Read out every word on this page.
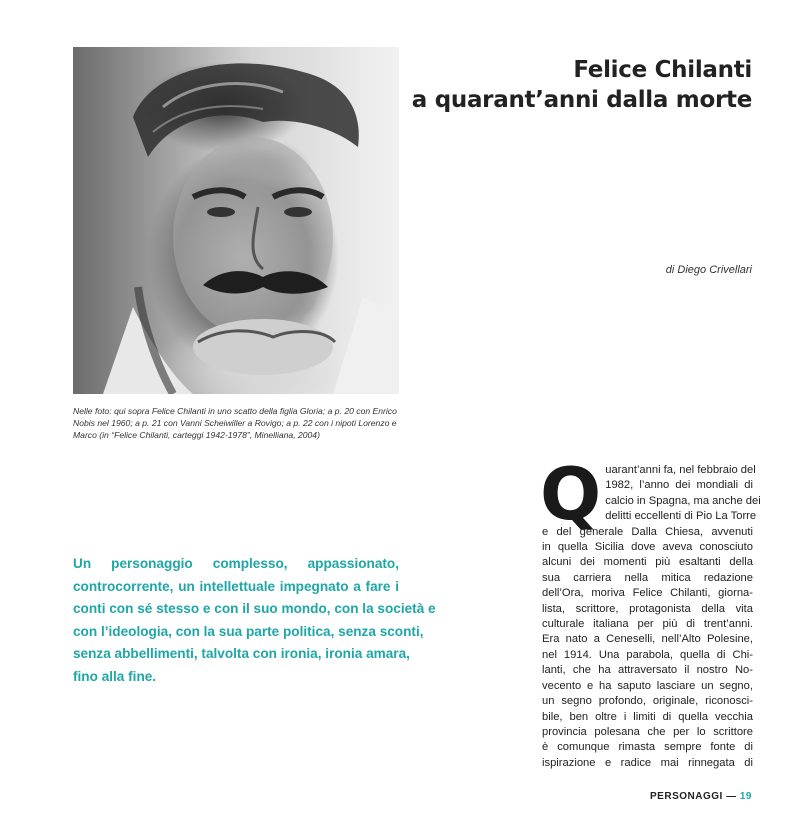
Nelle foto: qui sopra Felice Chilanti in uno scatto della figlia Gloria; a p. 20 con Enrico Nobis nel 1960; a p. 21 con Vanni Scheiwiller a Rovigo; a p. 22 con i nipoti Lorenzo e Marco (in “Felice Chilanti, carteggi 1942-1978”, Minelliana, 2004)
Felice Chilanti
a quarant’anni dalla morte
di Diego Crivellari
Un personaggio complesso, appassionato,
controcorrente, un intellettuale impegnato a fare i
conti con sé stesso e con il suo mondo, con la società e
con l’ideologia, con la sua parte politica, senza sconti,
senza abbellimenti, talvolta con ironia, ironia amara,
fino alla fine.
Q uarant’anni fa, nel febbraio del
1982, l’anno dei mondiali di
calcio in Spagna, ma anche dei
delitti eccellenti di Pio La Torre
e del generale Dalla Chiesa, avvenuti
in quella Sicilia dove aveva conosciuto
alcuni dei momenti più esaltanti della
sua carriera nella mitica redazione
dell’Ora, moriva Felice Chilanti, giorna-
lista, scrittore, protagonista della vita
culturale italiana per più di trent’anni.
Era nato a Ceneselli, nell’Alto Polesine,
nel 1914. Una parabola, quella di Chi-
lanti, che ha attraversato il nostro No-
vecento e ha saputo lasciare un segno,
un segno profondo, originale, riconosci-
bile, ben oltre i limiti di quella vecchia
provincia polesana che per lo scrittore
è comunque rimasta sempre fonte di
ispirazione e radice mai rinnegata di
PERSONAGGI — 19
